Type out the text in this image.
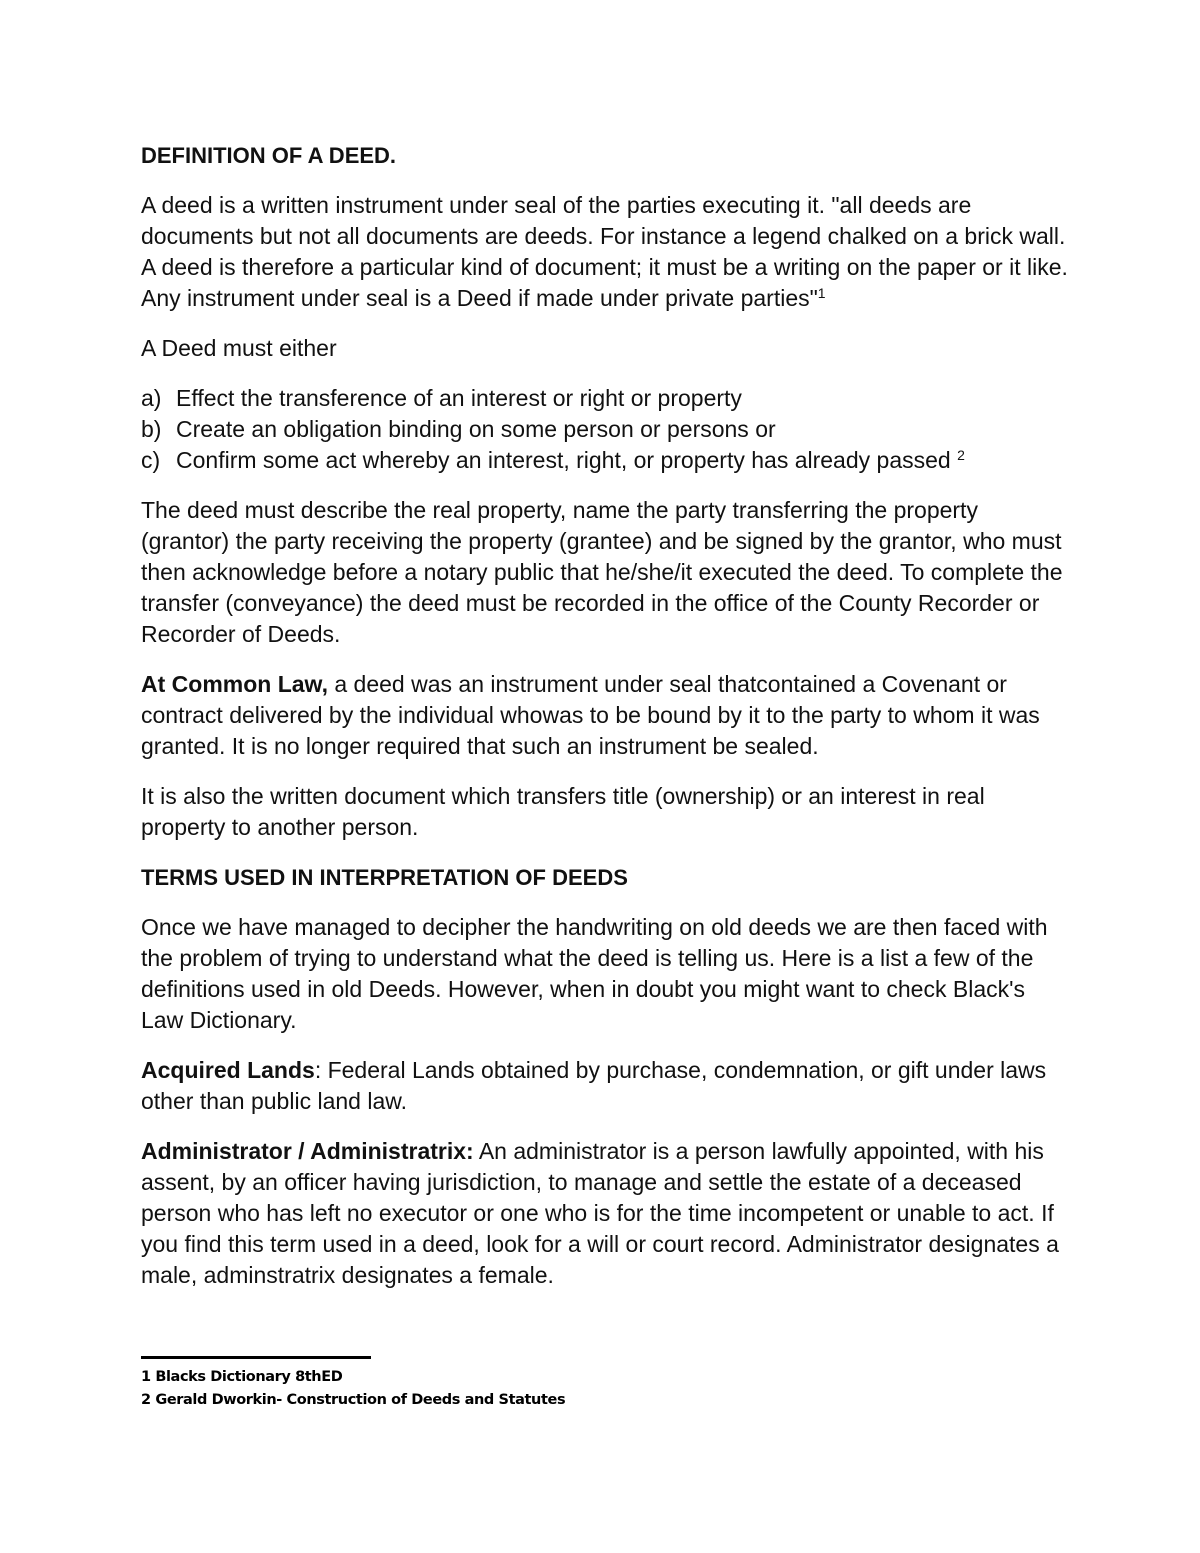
DEFINITION OF A DEED.

A deed is a written instrument under seal of the parties executing it. "all deeds are documents but not all documents are deeds. For instance a legend chalked on a brick wall. A deed is therefore a particular kind of document; it must be a writing on the paper or it like. Any instrument under seal is a Deed if made under private parties"$^1$

A Deed must either

a) Effect the transference of an interest or right or property
b) Create an obligation binding on some person or persons or
c) Confirm some act whereby an interest, right, or property has already passed $^2$

The deed must describe the real property, name the party transferring the property (grantor) the party receiving the property (grantee) and be signed by the grantor, who must then acknowledge before a notary public that he/she/it executed the deed. To complete the transfer (conveyance) the deed must be recorded in the office of the County Recorder or Recorder of Deeds.

At Common Law, a deed was an instrument under seal thatcontained a Covenant or contract delivered by the individual whowas to be bound by it to the party to whom it was granted. It is no longer required that such an instrument be sealed.

It is also the written document which transfers title (ownership) or an interest in real property to another person.

TERMS USED IN INTERPRETATION OF DEEDS

Once we have managed to decipher the handwriting on old deeds we are then faced with the problem of trying to understand what the deed is telling us. Here is a list a few of the definitions used in old Deeds. However, when in doubt you might want to check Black's Law Dictionary.

Acquired Lands: Federal Lands obtained by purchase, condemnation, or gift under laws other than public land law.

Administrator / Administratrix: An administrator is a person lawfully appointed, with his assent, by an officer having jurisdiction, to manage and settle the estate of a deceased person who has left no executor or one who is for the time incompetent or unable to act. If you find this term used in a deed, look for a will or court record. Administrator designates a male, adminstratrix designates a female.

1 Blacks Dictionary 8thED
2 Gerald Dworkin- Construction of Deeds and Statutes
